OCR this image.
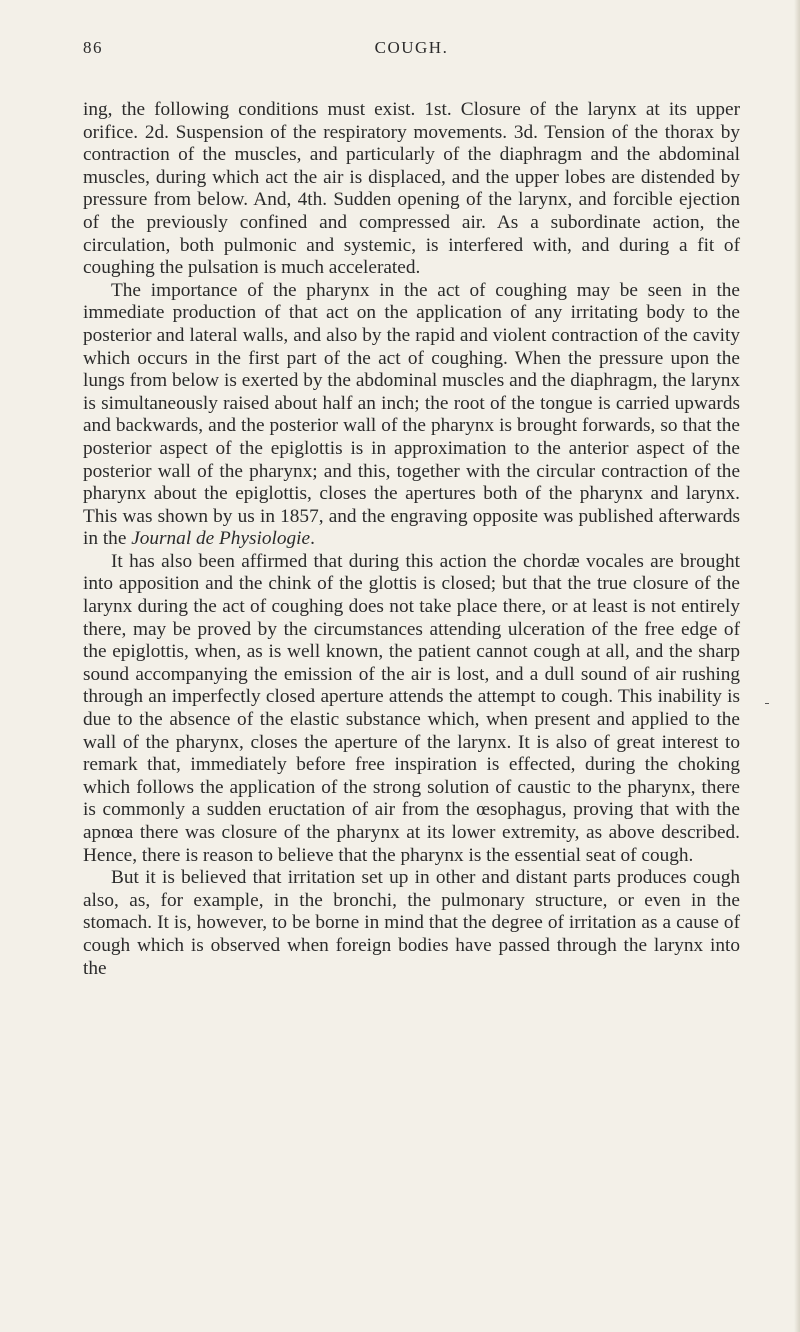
86	COUGH.

ing, the following conditions must exist. 1st. Closure of the larynx at its upper orifice. 2d. Suspension of the respiratory movements. 3d. Tension of the thorax by contraction of the muscles, and particularly of the diaphragm and the abdominal muscles, during which act the air is displaced, and the upper lobes are distended by pressure from below. And, 4th. Sudden opening of the larynx, and forcible ejection of the previously confined and compressed air. As a subordinate action, the circulation, both pulmonic and systemic, is interfered with, and during a fit of coughing the pulsation is much accelerated.

The importance of the pharynx in the act of coughing may be seen in the immediate production of that act on the application of any irritating body to the posterior and lateral walls, and also by the rapid and violent contraction of the cavity which occurs in the first part of the act of coughing. When the pressure upon the lungs from below is exerted by the abdominal muscles and the diaphragm, the larynx is simultaneously raised about half an inch; the root of the tongue is carried upwards and backwards, and the posterior wall of the pharynx is brought forwards, so that the posterior aspect of the epiglottis is in approximation to the anterior aspect of the posterior wall of the pharynx; and this, together with the circular contraction of the pharynx about the epiglottis, closes the apertures both of the pharynx and larynx. This was shown by us in 1857, and the engraving opposite was published afterwards in the Journal de Physiologie.

It has also been affirmed that during this action the chordæ vocales are brought into apposition and the chink of the glottis is closed; but that the true closure of the larynx during the act of coughing does not take place there, or at least is not entirely there, may be proved by the circumstances attending ulceration of the free edge of the epiglottis, when, as is well known, the patient cannot cough at all, and the sharp sound accompanying the emission of the air is lost, and a dull sound of air rushing through an imperfectly closed aperture attends the attempt to cough. This inability is due to the absence of the elastic substance which, when present and applied to the wall of the pharynx, closes the aperture of the larynx. It is also of great interest to remark that, immediately before free inspiration is effected, during the choking which follows the application of the strong solution of caustic to the pharynx, there is commonly a sudden eructation of air from the œsophagus, proving that with the apnœa there was closure of the pharynx at its lower extremity, as above described. Hence, there is reason to believe that the pharynx is the essential seat of cough.

But it is believed that irritation set up in other and distant parts produces cough also, as, for example, in the bronchi, the pulmonary structure, or even in the stomach. It is, however, to be borne in mind that the degree of irritation as a cause of cough which is observed when foreign bodies have passed through the larynx into the
